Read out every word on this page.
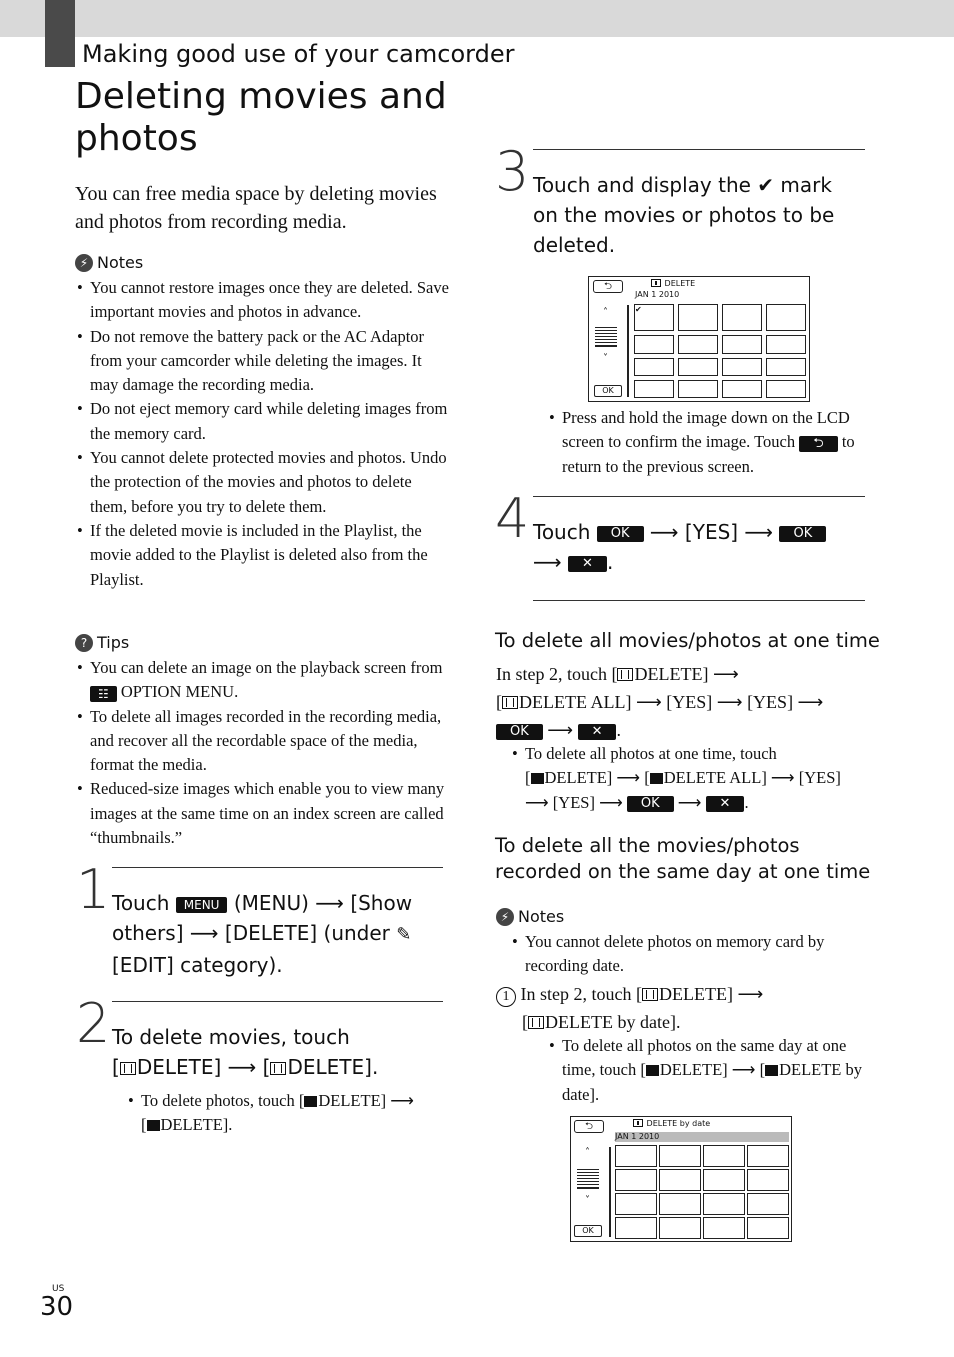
Making good use of your camcorder
Deleting movies and
photos
You can free media space by deleting movies and photos from recording media.
⚡ Notes
• You cannot restore images once they are deleted. Save important movies and photos in advance.
• Do not remove the battery pack or the AC Adaptor from your camcorder while deleting the images. It may damage the recording media.
• Do not eject memory card while deleting images from the memory card.
• You cannot delete protected movies and photos. Undo the protection of the movies and photos to delete them, before you try to delete them.
• If the deleted movie is included in the Playlist, the movie added to the Playlist is deleted also from the Playlist.
? Tips
• You can delete an image on the playback screen from ☷ OPTION MENU.
• To delete all images recorded in the recording media, and recover all the recordable space of the media, format the media.
• Reduced-size images which enable you to view many images at the same time on an index screen are called “thumbnails.”
1 Touch MENU (MENU) ⟶ [Show others] ⟶ [DELETE] (under ✎ [EDIT] category).
2 To delete movies, touch
[ DELETE] ⟶ [ DELETE].
• To delete photos, touch [ DELETE] ⟶
[ DELETE].
3 Touch and display the ✔ mark on the movies or photos to be deleted.
⮌	DELETE
JAN 1 2010
˄
˅
OK
✔
• Press and hold the image down on the LCD screen to confirm the image. Touch ⮌ to return to the previous screen.
4 Touch OK ⟶ [YES] ⟶ OK
⟶ ✕ .
To delete all movies/photos at one time
In step 2, touch [ DELETE] ⟶
[ DELETE ALL] ⟶ [YES] ⟶ [YES] ⟶
OK ⟶ ✕ .
• To delete all photos at one time, touch
[ DELETE] ⟶ [ DELETE ALL] ⟶ [YES]
⟶ [YES] ⟶ OK ⟶ ✕ .
To delete all the movies/photos
recorded on the same day at one time
⚡ Notes
• You cannot delete photos on memory card by recording date.
1 In step 2, touch [ DELETE] ⟶
[ DELETE by date].
• To delete all photos on the same day at one time, touch [ DELETE] ⟶ [ DELETE by date].
⮌	DELETE by date
JAN 1 2010
˄
˅
OK
US
30
